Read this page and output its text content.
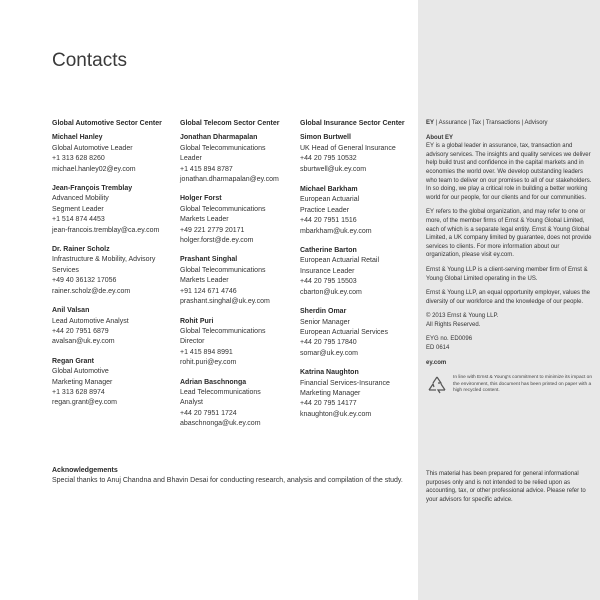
Contacts
Global Automotive Sector Center
Michael Hanley
Global Automotive Leader
+1 313 628 8260
michael.hanley02@ey.com
Jean-François Tremblay
Advanced Mobility
Segment Leader
+1 514 874 4453
jean-francois.tremblay@ca.ey.com
Dr. Rainer Scholz
Infrastructure & Mobility, Advisory
Services
+49 40 36132 17056
rainer.scholz@de.ey.com
Anil Valsan
Lead Automotive Analyst
+44 20 7951 6879
avalsan@uk.ey.com
Regan Grant
Global Automotive
Marketing Manager
+1 313 628 8974
regan.grant@ey.com
Global Telecom Sector Center
Jonathan Dharmapalan
Global Telecommunications
Leader
+1 415 894 8787
jonathan.dharmapalan@ey.com
Holger Forst
Global Telecommunications
Markets Leader
+49 221 2779 20171
holger.forst@de.ey.com
Prashant Singhal
Global Telecommunications
Markets Leader
+91 124 671 4746
prashant.singhal@uk.ey.com
Rohit Puri
Global Telecommunications
Director
+1 415 894 8991
rohit.puri@ey.com
Adrian Baschnonga
Lead Telecommunications
Analyst
+44 20 7951 1724
abaschnonga@uk.ey.com
Global Insurance Sector Center
Simon Burtwell
UK Head of General Insurance
+44 20 795 10532
sburtwell@uk.ey.com
Michael Barkham
European Actuarial
Practice Leader
+44 20 7951 1516
mbarkham@uk.ey.com
Catherine Barton
European Actuarial Retail
Insurance Leader
+44 20 795 15503
cbarton@uk.ey.com
Sherdin Omar
Senior Manager
European Actuarial Services
+44 20 795 17840
somar@uk.ey.com
Katrina Naughton
Financial Services-Insurance
Marketing Manager
+44 20 795 14177
knaughton@uk.ey.com
Acknowledgements
Special thanks to Anuj Chandna and Bhavin Desai for conducting research, analysis and compilation of the study.
EY | Assurance | Tax | Transactions | Advisory
About EY
EY is a global leader in assurance, tax, transaction and advisory services. The insights and quality services we deliver help build trust and confidence in the capital markets and in economies the world over. We develop outstanding leaders who team to deliver on our promises to all of our stakeholders. In so doing, we play a critical role in building a better working world for our people, for our clients and for our communities.
EY refers to the global organization, and may refer to one or more, of the member firms of Ernst & Young Global Limited, each of which is a separate legal entity. Ernst & Young Global Limited, a UK company limited by guarantee, does not provide services to clients. For more information about our organization, please visit ey.com.
Ernst & Young LLP is a client-serving member firm of Ernst & Young Global Limited operating in the US.
Ernst & Young LLP, an equal opportunity employer, values the diversity of our workforce and the knowledge of our people.
© 2013 Ernst & Young LLP.
All Rights Reserved.
EYG no. ED0096
ED 0614
ey.com
In line with Ernst & Young's commitment to minimize its impact on the environment, this document has been printed on paper with a high recycled content.
This material has been prepared for general informational purposes only and is not intended to be relied upon as accounting, tax, or other professional advice. Please refer to your advisors for specific advice.
